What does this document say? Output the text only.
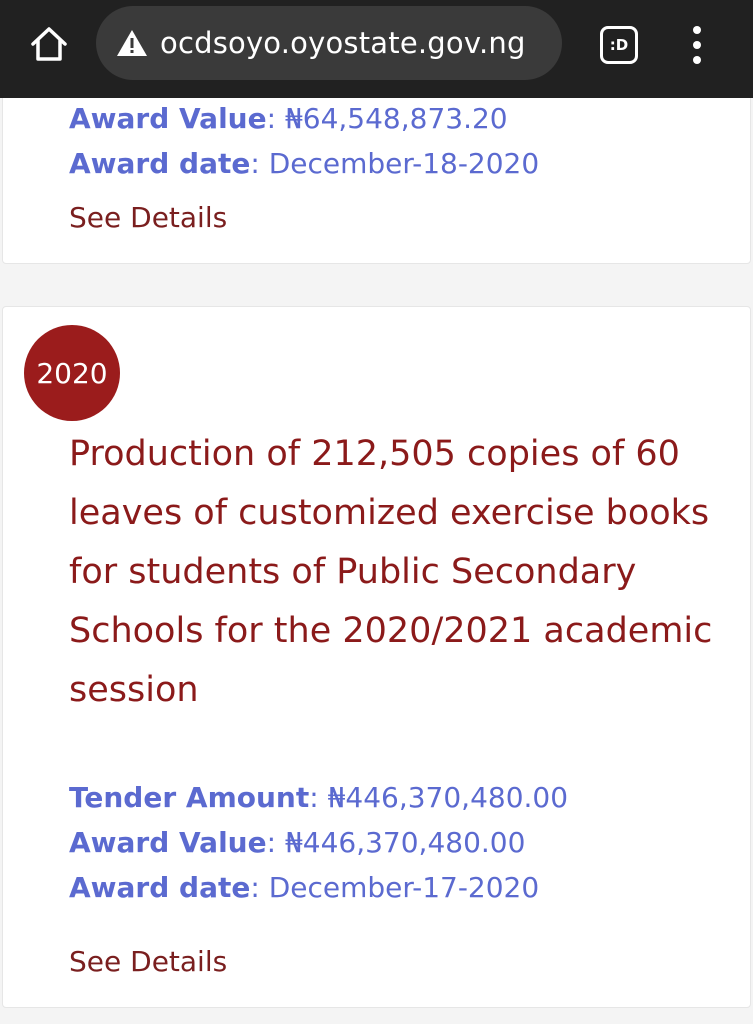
ocdsoyo.oyostate.gov.ng	:D
Award Value: ₦64,548,873.20
Award date: December-18-2020
See Details
2020
Production of 212,505 copies of 60 leaves of customized exercise books for students of Public Secondary Schools for the 2020/2021 academic session
Tender Amount: ₦446,370,480.00
Award Value: ₦446,370,480.00
Award date: December-17-2020
See Details
